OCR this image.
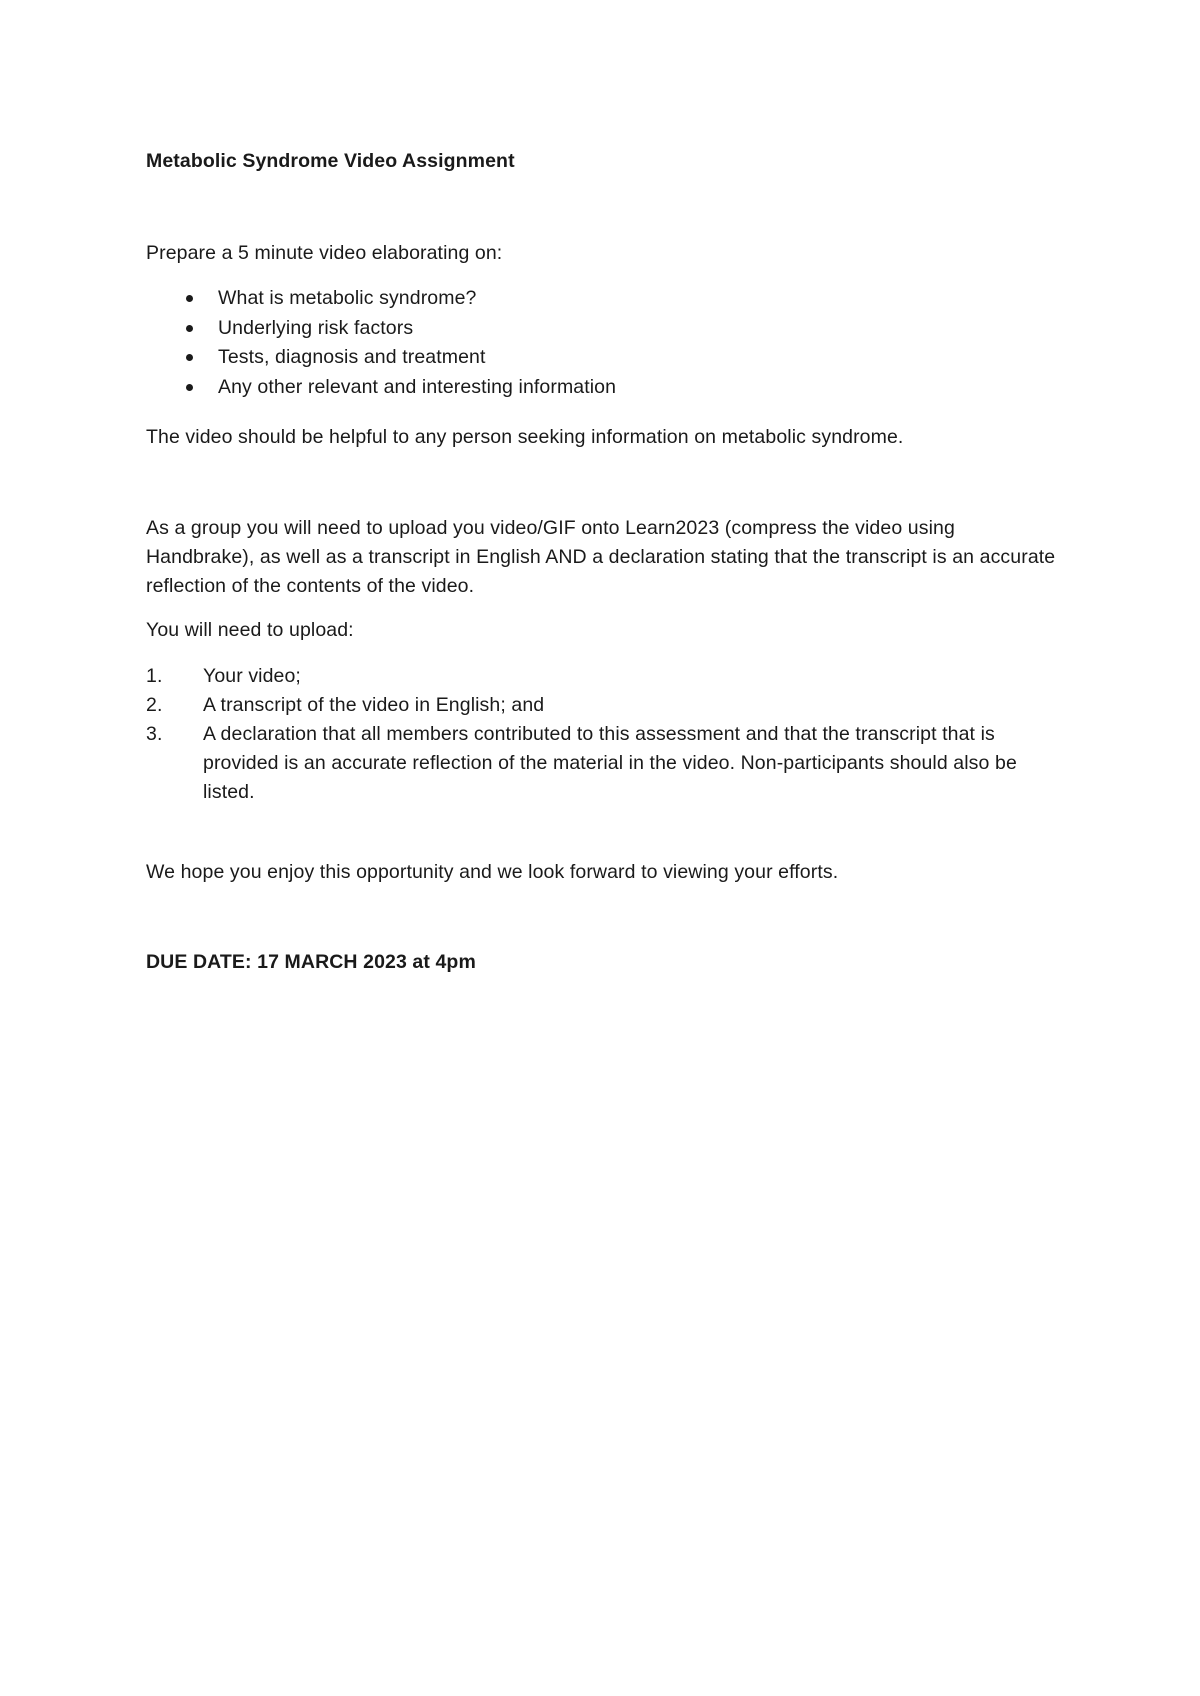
Metabolic Syndrome Video Assignment

Prepare a 5 minute video elaborating on:

What is metabolic syndrome?
Underlying risk factors
Tests, diagnosis and treatment
Any other relevant and interesting information

The video should be helpful to any person seeking information on metabolic syndrome.

As a group you will need to upload you video/GIF onto Learn2023 (compress the video using Handbrake), as well as a transcript in English AND a declaration stating that the transcript is an accurate reflection of the contents of the video.

You will need to upload:

1. Your video;
2. A transcript of the video in English; and
3. A declaration that all members contributed to this assessment and that the transcript that is provided is an accurate reflection of the material in the video. Non-participants should also be listed.

We hope you enjoy this opportunity and we look forward to viewing your efforts.

DUE DATE: 17 MARCH 2023 at 4pm
